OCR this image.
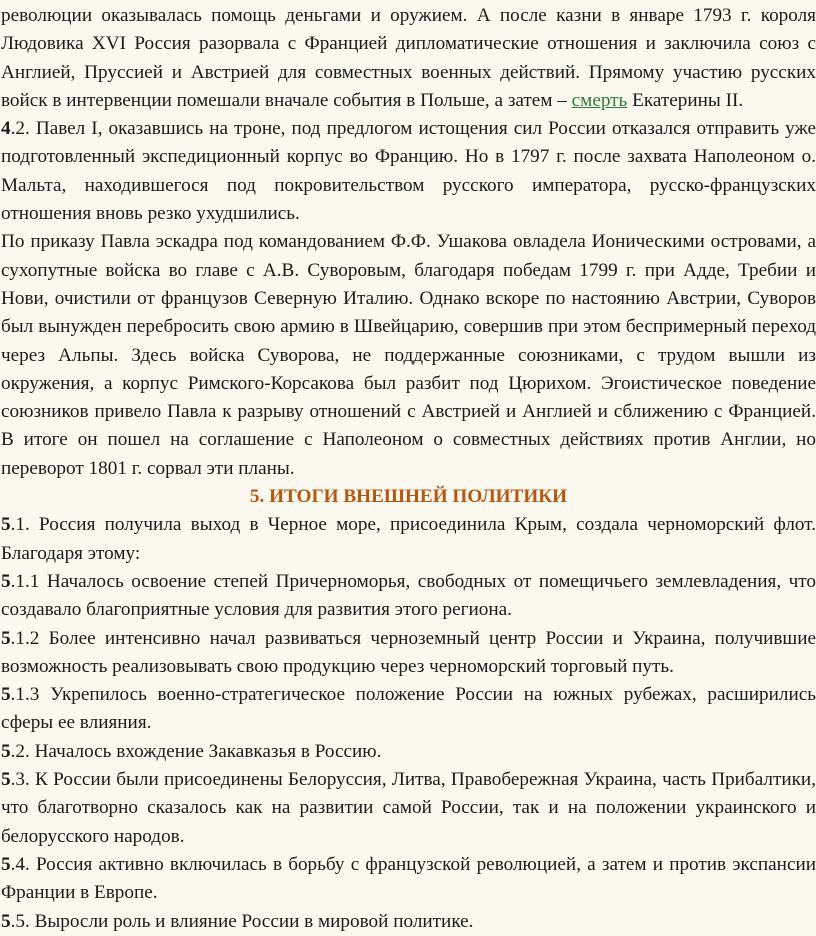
революции оказывалась помощь деньгами и оружием. А после казни в январе 1793 г. короля Людовика XVI Россия разорвала с Францией дипломатические отношения и заключила союз с Англией, Пруссией и Австрией для совместных военных действий. Прямому участию русских войск в интервенции помешали вначале события в Польше, а затем – смерть Екатерины II.

4.2. Павел I, оказавшись на троне, под предлогом истощения сил России отказался отправить уже подготовленный экспедиционный корпус во Францию. Но в 1797 г. после захвата Наполеоном о. Мальта, находившегося под покровительством русского императора, русско-французских отношения вновь резко ухудшились.

По приказу Павла эскадра под командованием Ф.Ф. Ушакова овладела Ионическими островами, а сухопутные войска во главе с А.В. Суворовым, благодаря победам 1799 г. при Адде, Требии и Нови, очистили от французов Северную Италию. Однако вскоре по настоянию Австрии, Суворов был вынужден перебросить свою армию в Швейцарию, совершив при этом беспримерный переход через Альпы. Здесь войска Суворова, не поддержанные союзниками, с трудом вышли из окружения, а корпус Римского-Корсакова был разбит под Цюрихом. Эгоистическое поведение союзников привело Павла к разрыву отношений с Австрией и Англией и сближению с Францией. В итоге он пошел на соглашение с Наполеоном о совместных действиях против Англии, но переворот 1801 г. сорвал эти планы.

5. ИТОГИ ВНЕШНЕЙ ПОЛИТИКИ

5.1. Россия получила выход в Черное море, присоединила Крым, создала черноморский флот. Благодаря этому:

5.1.1 Началось освоение степей Причерноморья, свободных от помещичьего землевладения, что создавало благоприятные условия для развития этого региона.

5.1.2 Более интенсивно начал развиваться черноземный центр России и Украина, получившие возможность реализовывать свою продукцию через черноморский торговый путь.

5.1.3 Укрепилось военно-стратегическое положение России на южных рубежах, расширились сферы ее влияния.

5.2. Началось вхождение Закавказья в Россию.

5.3. К России были присоединены Белоруссия, Литва, Правобережная Украина, часть Прибалтики, что благотворно сказалось как на развитии самой России, так и на положении украинского и белорусского народов.

5.4. Россия активно включилась в борьбу с французской революцией, а затем и против экспансии Франции в Европе.

5.5. Выросли роль и влияние России в мировой политике.
